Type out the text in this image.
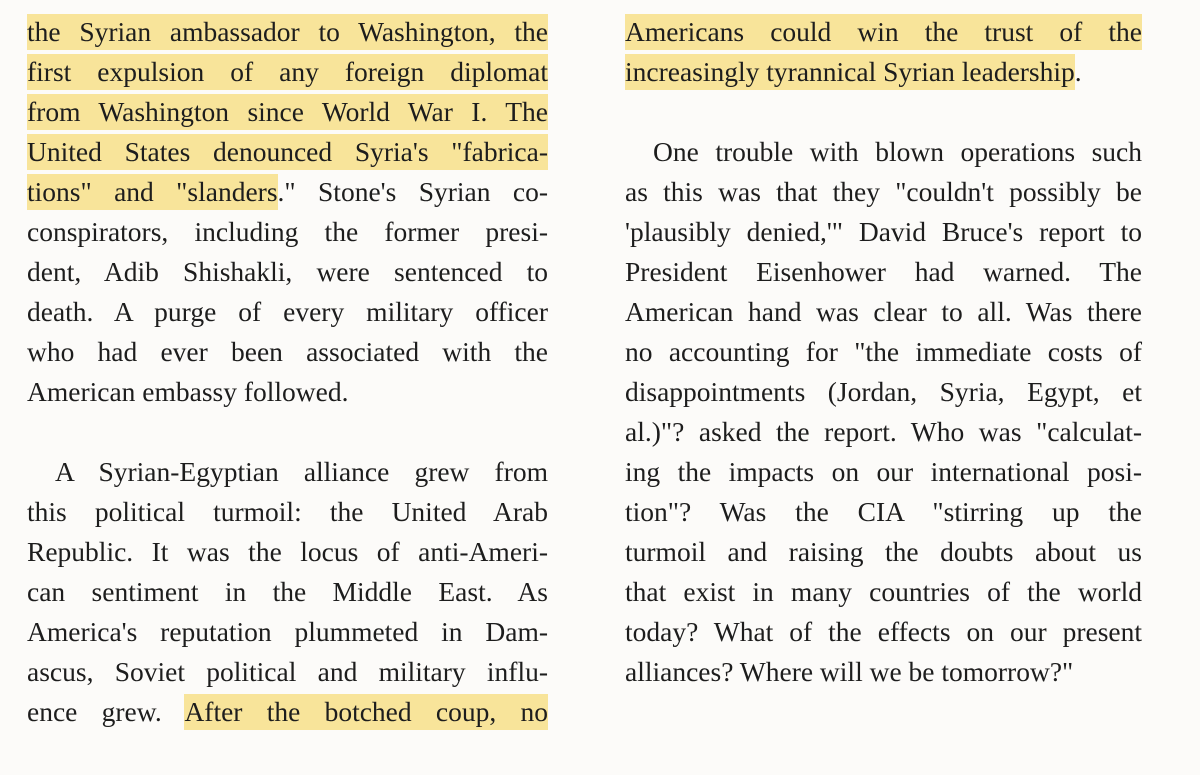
the Syrian ambassador to Washington, the
first expulsion of any foreign diplomat
from Washington since World War I. The
United States denounced Syria's "fabrica-
tions" and "slanders." Stone's Syrian co-
conspirators, including the former presi-
dent, Adib Shishakli, were sentenced to
death. A purge of every military officer
who had ever been associated with the
American embassy followed.
A Syrian-Egyptian alliance grew from
this political turmoil: the United Arab
Republic. It was the locus of anti-Ameri-
can sentiment in the Middle East. As
America's reputation plummeted in Dam-
ascus, Soviet political and military influ-
ence grew. After the botched coup, no
Americans could win the trust of the
increasingly tyrannical Syrian leadership.
One trouble with blown operations such
as this was that they "couldn't possibly be
'plausibly denied,'" David Bruce's report to
President Eisenhower had warned. The
American hand was clear to all. Was there
no accounting for "the immediate costs of
disappointments (Jordan, Syria, Egypt, et
al.)"? asked the report. Who was "calculat-
ing the impacts on our international posi-
tion"? Was the CIA "stirring up the
turmoil and raising the doubts about us
that exist in many countries of the world
today? What of the effects on our present
alliances? Where will we be tomorrow?"
